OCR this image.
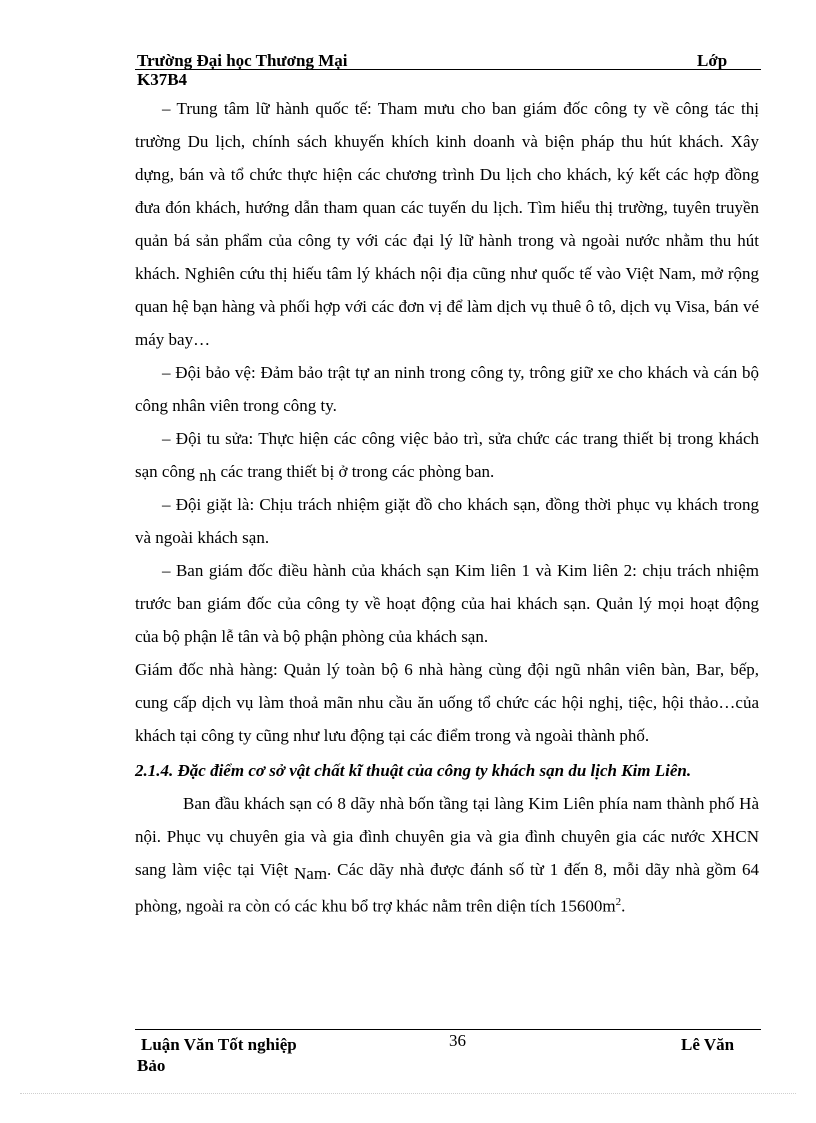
Trường Đại học Thương Mại	Lớp
K37B4

– Trung tâm lữ hành quốc tế: Tham mưu cho ban giám đốc công ty về công tác thị trường Du lịch, chính sách khuyến khích kinh doanh và biện pháp thu hút khách. Xây dựng, bán và tổ chức thực hiện các chương trình Du lịch cho khách, ký kết các hợp đồng đưa đón khách, hướng dẫn tham quan các tuyến du lịch. Tìm hiểu thị trường, tuyên truyền quản bá sản phẩm của công ty với các đại lý lữ hành trong và ngoài nước nhằm thu hút khách. Nghiên cứu thị hiếu tâm lý khách nội địa cũng như quốc tế vào Việt Nam, mở rộng quan hệ bạn hàng và phối hợp với các đơn vị để làm dịch vụ thuê ô tô, dịch vụ Visa, bán vé máy bay…

– Đội bảo vệ: Đảm bảo trật tự an ninh trong công ty, trông giữ xe cho khách và cán bộ công nhân viên trong công ty.

– Đội tu sửa: Thực hiện các công việc bảo trì, sửa chức các trang thiết bị trong khách sạn công nh các trang thiết bị ở trong các phòng ban.

– Đội giặt là: Chịu trách nhiệm giặt đồ cho khách sạn, đồng thời phục vụ khách trong và ngoài khách sạn.

– Ban giám đốc điều hành của khách sạn Kim liên 1 và Kim liên 2: chịu trách nhiệm trước ban giám đốc của công ty về hoạt động của hai khách sạn. Quản lý mọi hoạt động của bộ phận lễ tân và bộ phận phòng của khách sạn.

Giám đốc nhà hàng: Quản lý toàn bộ 6 nhà hàng cùng đội ngũ nhân viên bàn, Bar, bếp, cung cấp dịch vụ làm thoả mãn nhu cầu ăn uống tổ chức các hội nghị, tiệc, hội thảo…của khách tại công ty cũng như lưu động tại các điểm trong và ngoài thành phố.

2.1.4. Đặc điểm cơ sở vật chất kĩ thuật của công ty khách sạn du lịch Kim Liên.

Ban đầu khách sạn có 8 dãy nhà bốn tầng tại làng Kim Liên phía nam thành phố Hà nội. Phục vụ chuyên gia và gia đình chuyên gia và gia đình chuyên gia các nước XHCN sang làm việc tại Việt Nam. Các dãy nhà được đánh số từ 1 đến 8, mỗi dãy nhà gồm 64 phòng, ngoài ra còn có các khu bổ trợ khác nằm trên diện tích $15600m^2$.

Luận Văn Tốt nghiệp	36	Lê Văn
Bảo
